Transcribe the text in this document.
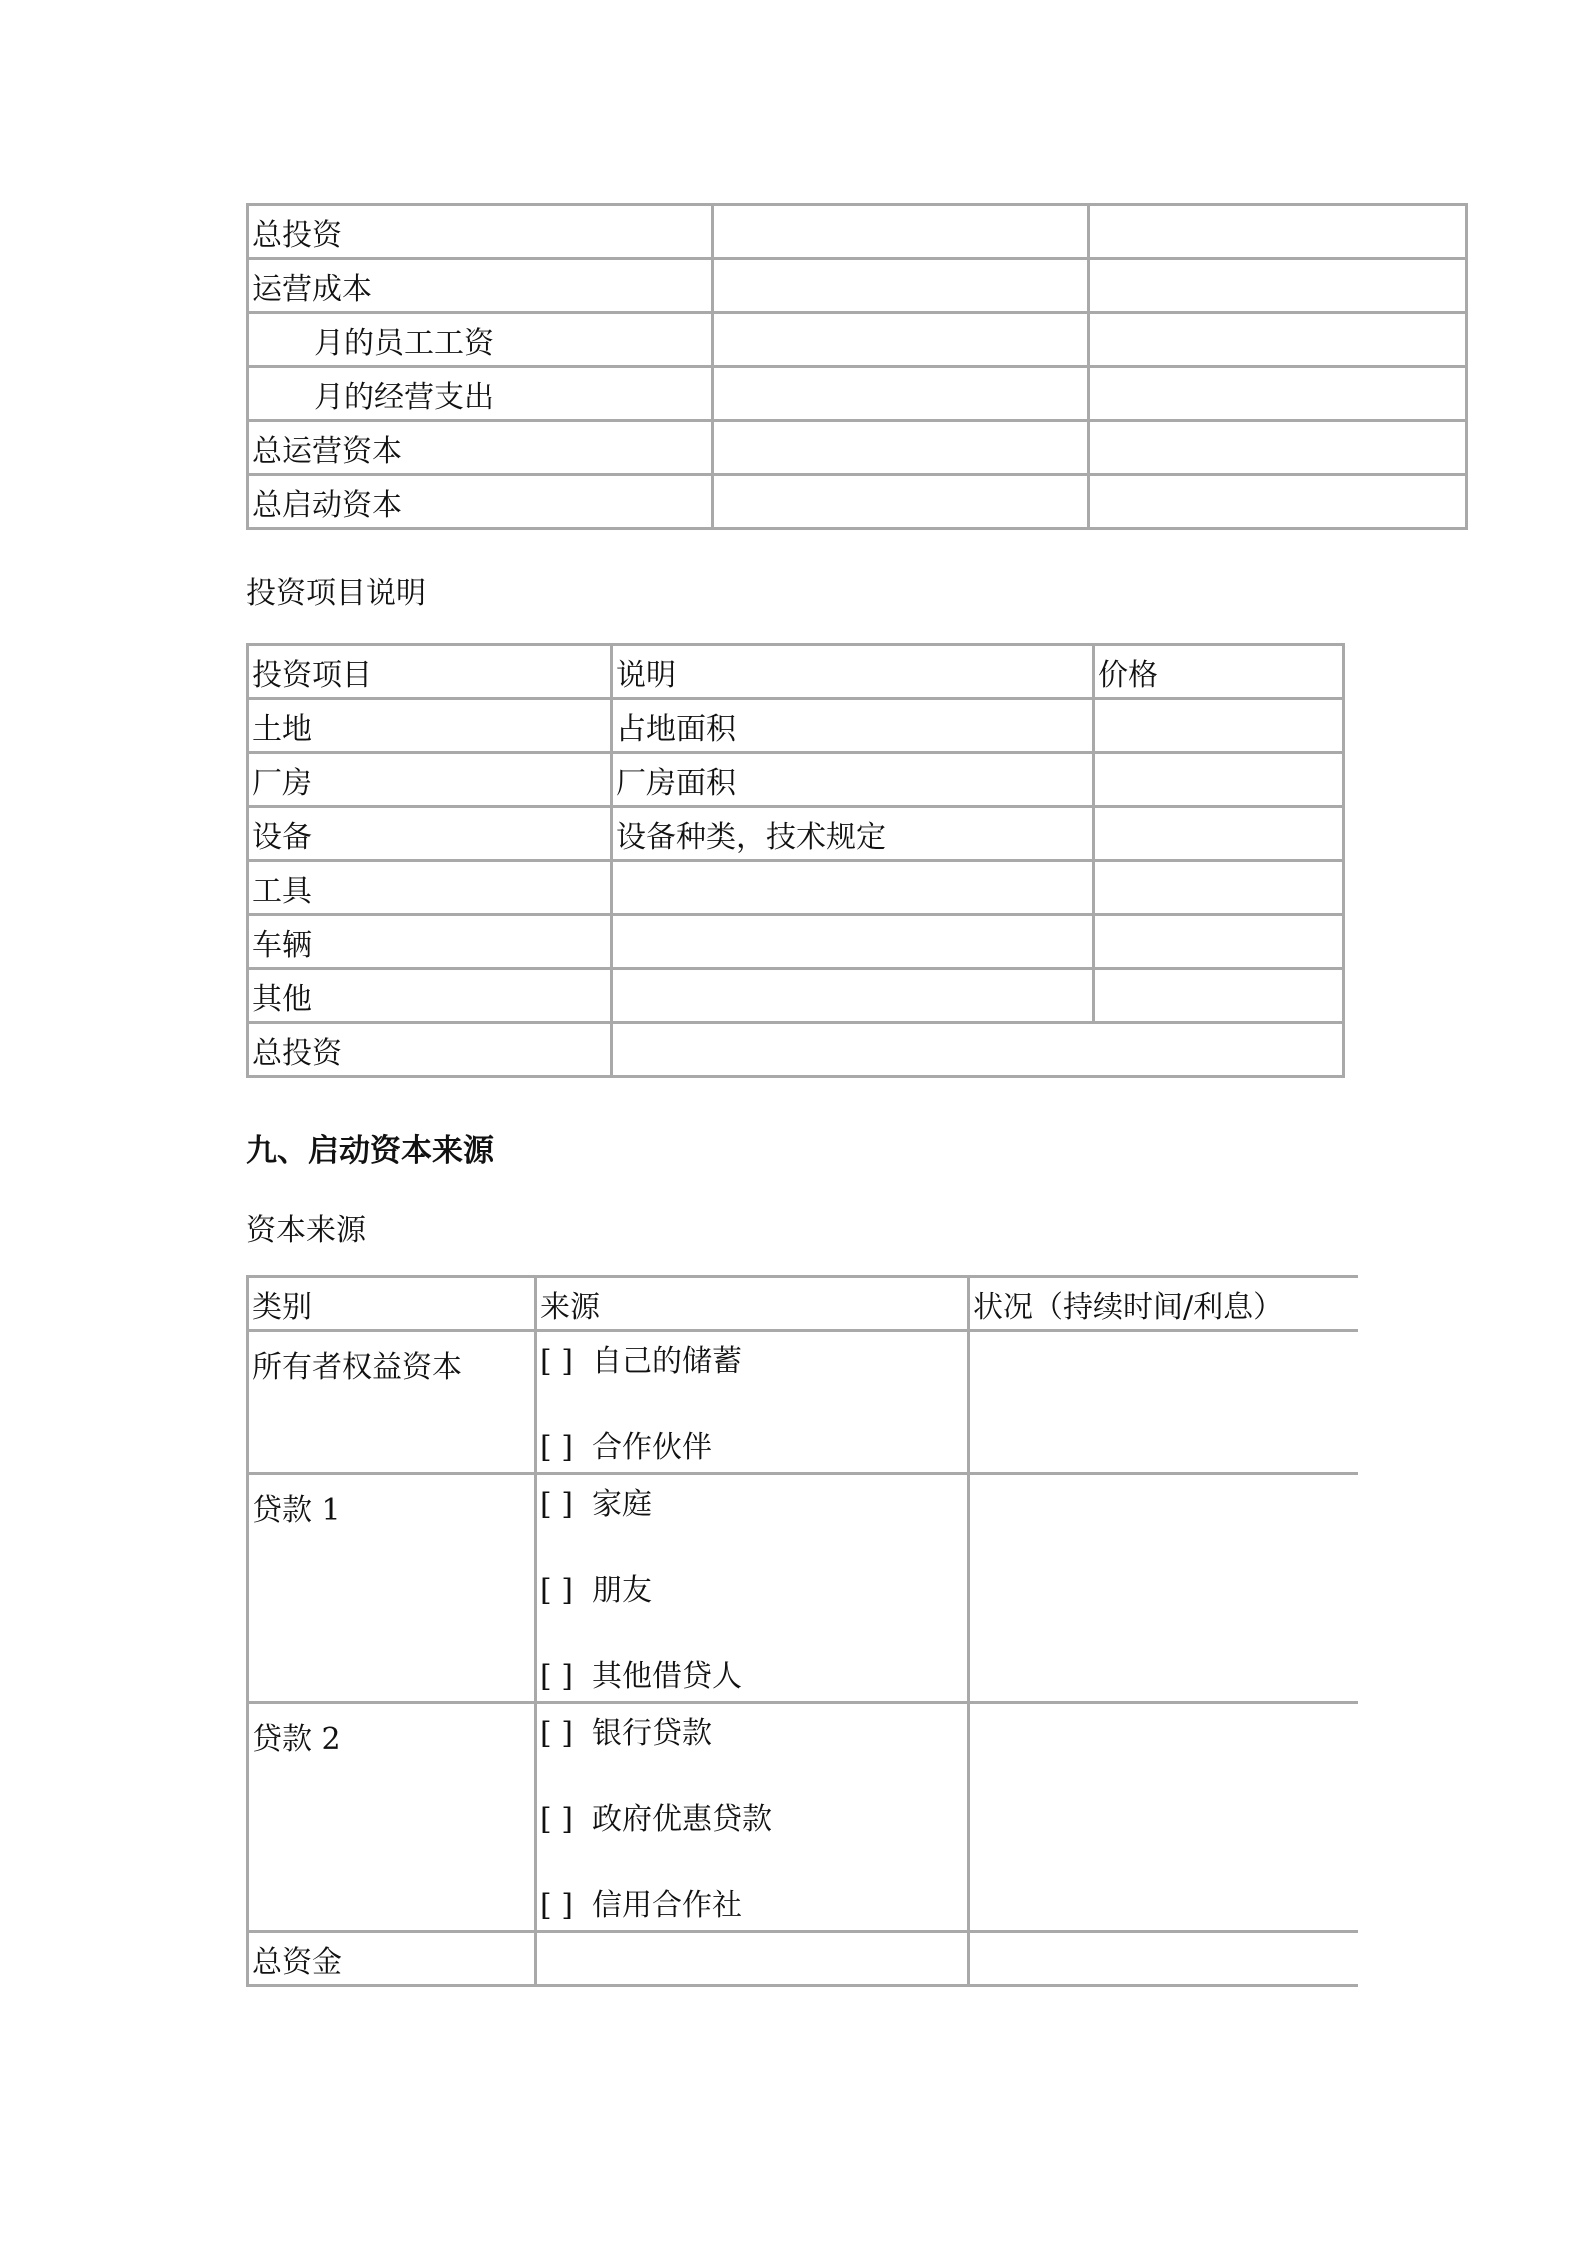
总投资		
运营成本		
月的员工工资		
月的经营支出		
总运营资本		
总启动资本		
投资项目说明
投资项目	说明	价格
土地	占地面积	
厂房	厂房面积	
设备	设备种类，技术规定	
工具		
车辆		
其他		
总投资		
九、启动资本来源
资本来源
类别	来源	状况（持续时间/利息）
所有者权益资本	[ ] 自己的储蓄
[ ] 合作伙伴	

贷款 1	[ ] 家庭
[ ] 朋友
[ ] 其他借贷人	

贷款 2	[ ] 银行贷款
[ ] 政府优惠贷款
[ ] 信用合作社	

总资金		
